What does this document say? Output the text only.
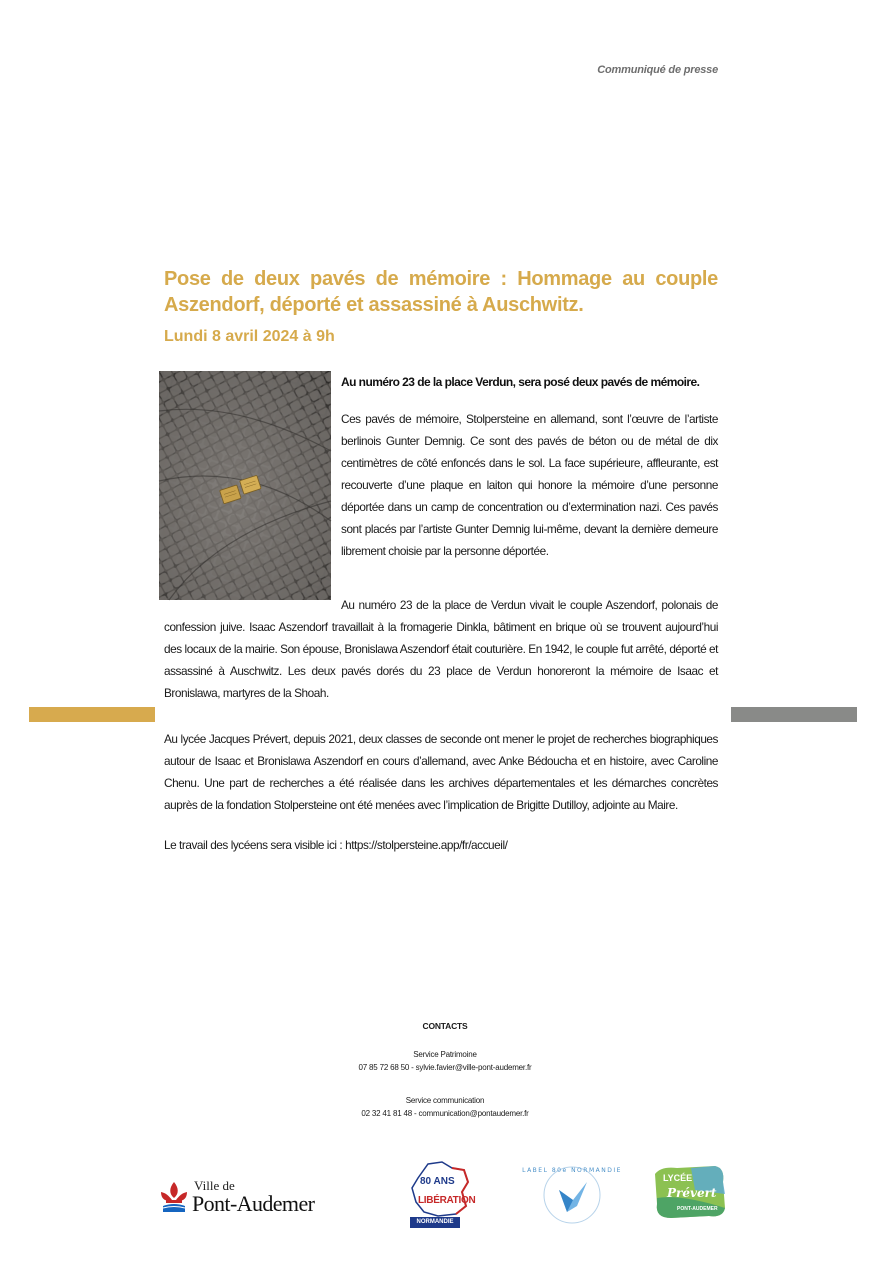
Communiqué de presse
Pose de deux pavés de mémoire : Hommage au couple Aszendorf, déporté et assassiné à Auschwitz.
Lundi 8 avril 2024 à 9h

Au numéro 23 de la place Verdun, sera posé deux pavés de mémoire.

Ces pavés de mémoire, Stolpersteine en allemand, sont l’œuvre de l’artiste berlinois Gunter Demnig. Ce sont des pavés de béton ou de métal de dix centimètres de côté enfoncés dans le sol. La face supérieure, affleurante, est recouverte d’une plaque en laiton qui honore la mémoire d’une personne déportée dans un camp de concentration ou d’extermination nazi. Ces pavés sont placés par l’artiste Gunter Demnig lui-même, devant la dernière demeure librement choisie par la personne déportée.

Au numéro 23 de la place de Verdun vivait le couple Aszendorf, polonais de confession juive. Isaac Aszendorf travaillait à la fromagerie Dinkla, bâtiment en brique où se trouvent aujourd’hui des locaux de la mairie. Son épouse, Bronislawa Aszendorf était couturière. En 1942, le couple fut arrêté, déporté et assassiné à Auschwitz. Les deux pavés dorés du 23 place de Verdun honoreront la mémoire de Isaac et Bronislawa, martyres de la Shoah.

Au lycée Jacques Prévert, depuis 2021, deux classes de seconde ont mener le projet de recherches biographiques autour de Isaac et Bronislawa Aszendorf en cours d’allemand, avec Anke Bédoucha et en histoire, avec Caroline Chenu. Une part de recherches a été réalisée dans les archives départementales et les démarches concrètes auprès de la fondation Stolpersteine ont été menées avec l’implication de Brigitte Dutilloy, adjointe au Maire.

Le travail des lycéens sera visible ici : https://stolpersteine.app/fr/accueil/

CONTACTS
Service Patrimoine
07 85 72 68 50 - sylvie.favier@ville-pont-audemer.fr
Service communication
02 32 41 81 48 - communication@pontaudemer.fr
Ville de
Pont-Audemer
80 ANS
LIBÉRATION
NORMANDIE
LABEL 80e NORMANDIE
LYCÉE
Prévert
PONT-AUDEMER
